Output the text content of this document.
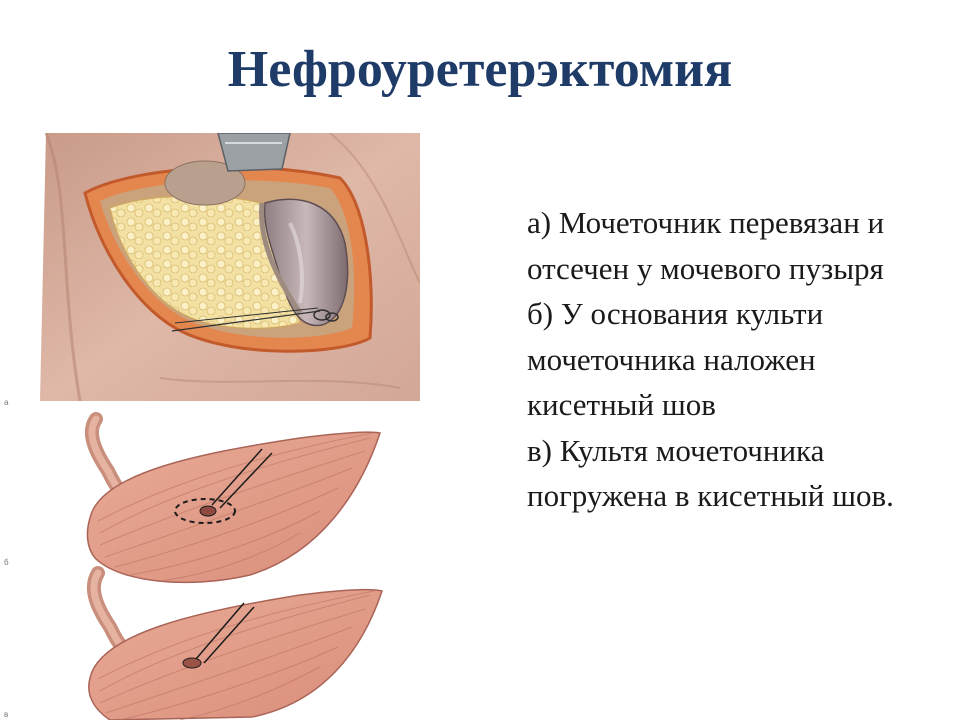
Нефроуретерэктомия
а
б
в

а) Мочеточник перевязан и отсечен у мочевого пузыря

б) У основания культи мочеточника наложен кисетный шов

в) Культя мочеточника погружена в кисетный шов.
